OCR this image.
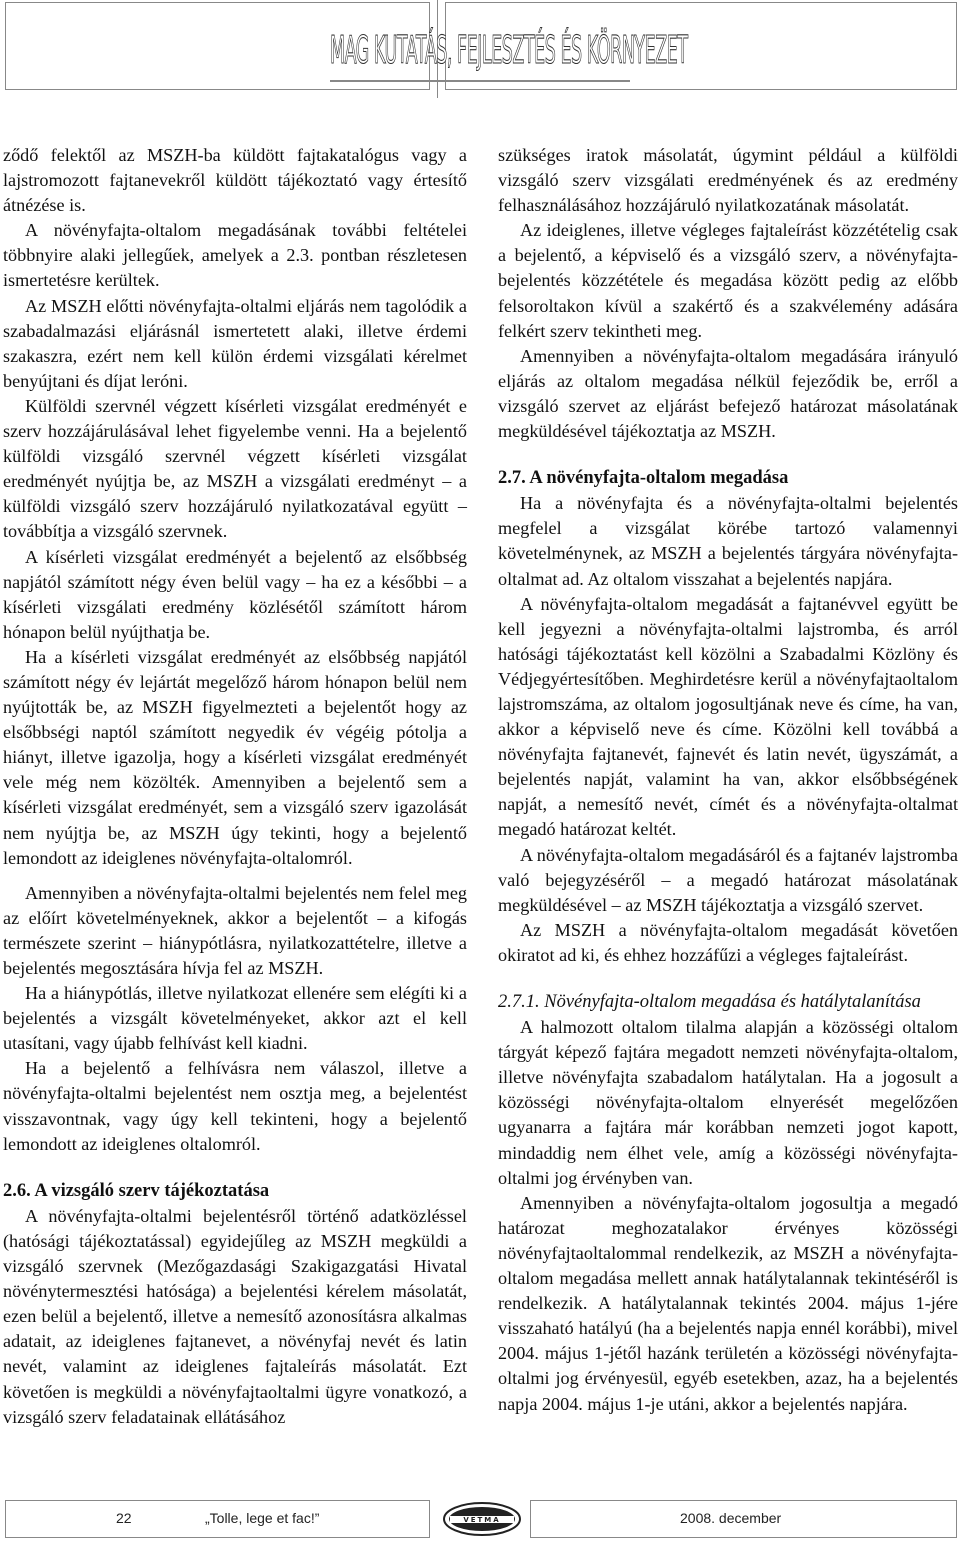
MAG KUTATÁS, FEJLESZTÉS ÉS KÖRNYEZET

ződő felektől az MSZH-ba küldött fajtakatalógus vagy a lajstromozott fajtanevekről küldött tájékoztató vagy értesítő átnézése is.

A növényfajta-oltalom megadásának további feltételei többnyire alaki jellegűek, amelyek a 2.3. pontban részletesen ismertetésre kerültek.

Az MSZH előtti növényfajta-oltalmi eljárás nem tagolódik a szabadalmazási eljárásnál ismertetett alaki, illetve érdemi szakaszra, ezért nem kell külön érdemi vizsgálati kérelmet benyújtani és díjat leróni.

Külföldi szervnél végzett kísérleti vizsgálat eredményét e szerv hozzájárulásával lehet figyelembe venni. Ha a bejelentő külföldi vizsgáló szervnél végzett kísérleti vizsgálat eredményét nyújtja be, az MSZH a vizsgálati eredményt – a külföldi vizsgáló szerv hozzájáruló nyilatkozatával együtt – továbbítja a vizsgáló szervnek.

A kísérleti vizsgálat eredményét a bejelentő az elsőbbség napjától számított négy éven belül vagy – ha ez a későbbi – a kísérleti vizsgálati eredmény közlésétől számított három hónapon belül nyújthatja be.

Ha a kísérleti vizsgálat eredményét az elsőbbség napjától számított négy év lejártát megelőző három hónapon belül nem nyújtották be, az MSZH figyelmezteti a bejelentőt hogy az elsőbbségi naptól számított negyedik év végéig pótolja a hiányt, illetve igazolja, hogy a kísérleti vizsgálat eredményét vele még nem közölték. Amennyiben a bejelentő sem a kísérleti vizsgálat eredményét, sem a vizsgáló szerv igazolását nem nyújtja be, az MSZH úgy tekinti, hogy a bejelentő lemondott az ideiglenes növényfajta-oltalomról.

Amennyiben a növényfajta-oltalmi bejelentés nem felel meg az előírt követelményeknek, akkor a bejelentőt – a kifogás természete szerint – hiánypótlásra, nyilatkozattételre, illetve a bejelentés megosztására hívja fel az MSZH.

Ha a hiánypótlás, illetve nyilatkozat ellenére sem elégíti ki a bejelentés a vizsgált követelményeket, akkor azt el kell utasítani, vagy újabb felhívást kell kiadni.

Ha a bejelentő a felhívásra nem válaszol, illetve a növényfajta-oltalmi bejelentést nem osztja meg, a bejelentést visszavontnak, vagy úgy kell tekinteni, hogy a bejelentő lemondott az ideiglenes oltalomról.

2.6. A vizsgáló szerv tájékoztatása

A növényfajta-oltalmi bejelentésről történő adatközléssel (hatósági tájékoztatással) egyidejűleg az MSZH megküldi a vizsgáló szervnek (Mezőgazdasági Szakigazgatási Hivatal növénytermesztési hatósága) a bejelentési kérelem másolatát, ezen belül a bejelentő, illetve a nemesítő azonosításra alkalmas adatait, az ideiglenes fajtanevet, a növényfaj nevét és latin nevét, valamint az ideiglenes fajtaleírás másolatát. Ezt követően is megküldi a növényfajtaoltalmi ügyre vonatkozó, a vizsgáló szerv feladatainak ellátásához

szükséges iratok másolatát, úgymint például a külföldi vizsgáló szerv vizsgálati eredményének és az eredmény felhasználásához hozzájáruló nyilatkozatának másolatát.

Az ideiglenes, illetve végleges fajtaleírást közzétételig csak a bejelentő, a képviselő és a vizsgáló szerv, a növényfajta-bejelentés közzététele és megadása között pedig az előbb felsoroltakon kívül a szakértő és a szakvélemény adására felkért szerv tekintheti meg.

Amennyiben a növényfajta-oltalom megadására irányuló eljárás az oltalom megadása nélkül fejeződik be, erről a vizsgáló szervet az eljárást befejező határozat másolatának megküldésével tájékoztatja az MSZH.

2.7. A növényfajta-oltalom megadása

Ha a növényfajta és a növényfajta-oltalmi bejelentés megfelel a vizsgálat körébe tartozó valamennyi követelménynek, az MSZH a bejelentés tárgyára növényfajta-oltalmat ad. Az oltalom visszahat a bejelentés napjára.

A növényfajta-oltalom megadását a fajtanévvel együtt be kell jegyezni a növényfajta-oltalmi lajstromba, és arról hatósági tájékoztatást kell közölni a Szabadalmi Közlöny és Védjegyértesítőben. Meghirdetésre kerül a növényfajtaoltalom lajstromszáma, az oltalom jogosultjának neve és címe, ha van, akkor a képviselő neve és címe. Közölni kell továbbá a növényfajta fajtanevét, fajnevét és latin nevét, ügyszámát, a bejelentés napját, valamint ha van, akkor elsőbbségének napját, a nemesítő nevét, címét és a növényfajta-oltalmat megadó határozat keltét.

A növényfajta-oltalom megadásáról és a fajtanév lajstromba való bejegyzéséről – a megadó határozat másolatának megküldésével – az MSZH tájékoztatja a vizsgáló szervet.

Az MSZH a növényfajta-oltalom megadását követően okiratot ad ki, és ehhez hozzáfűzi a végleges fajtaleírást.

2.7.1. Növényfajta-oltalom megadása és hatálytalanítása

A halmozott oltalom tilalma alapján a közösségi oltalom tárgyát képező fajtára megadott nemzeti növényfajta-oltalom, illetve növényfajta szabadalom hatálytalan. Ha a jogosult a közösségi növényfajta-oltalom elnyerését megelőzően ugyanarra a fajtára már korábban nemzeti jogot kapott, mindaddig nem élhet vele, amíg a közösségi növényfajta-oltalmi jog érvényben van.

Amennyiben a növényfajta-oltalom jogosultja a megadó határozat meghozatalakor érvényes közösségi növényfajtaoltalommal rendelkezik, az MSZH a növényfajta-oltalom megadása mellett annak hatálytalannak tekintéséről is rendelkezik. A hatálytalannak tekintés 2004. május 1-jére visszaható hatályú (ha a bejelentés napja ennél korábbi), mivel 2004. május 1-jétől hazánk területén a közösségi növényfajta-oltalmi jog érvényesül, egyéb esetekben, azaz, ha a bejelentés napja 2004. május 1-je utáni, akkor a bejelentés napjára.

22	„Tolle, lege et fac!”	VETMA	2008. december
